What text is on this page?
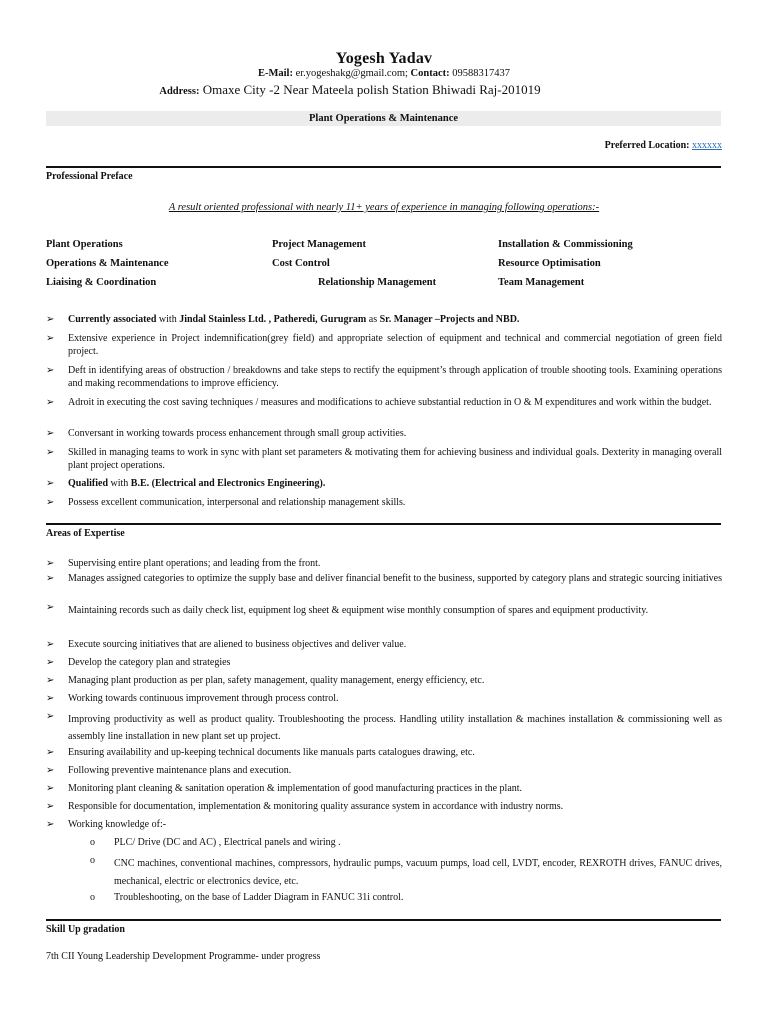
Yogesh Yadav
E-Mail: er.yogeshakg@gmail.com; Contact: 09588317437
Address: Omaxe City -2 Near Mateela polish Station Bhiwadi Raj-201019
Plant Operations & Maintenance
Preferred Location: xxxxxx
Professional Preface
A result oriented professional with nearly 11+ years of experience in managing following operations:-
Plant Operations	Project Management	Installation & Commissioning
Operations & Maintenance	Cost Control	Resource Optimisation
Liaising & Coordination	Relationship Management	Team Management
➢ Currently associated with Jindal Stainless Ltd. , Patheredi, Gurugram as Sr. Manager –Projects and NBD.
➢ Extensive experience in Project indemnification(grey field) and appropriate selection of equipment and technical and commercial negotiation of green field project.
➢ Deft in identifying areas of obstruction / breakdowns and take steps to rectify the equipment’s through application of trouble shooting tools. Examining operations and making recommendations to improve efficiency.
➢ Adroit in executing the cost saving techniques / measures and modifications to achieve substantial reduction in O & M expenditures and work within the budget.
➢ Conversant in working towards process enhancement through small group activities.
➢ Skilled in managing teams to work in sync with plant set parameters & motivating them for achieving business and individual goals. Dexterity in managing overall plant project operations.
➢ Qualified with B.E. (Electrical and Electronics Engineering).
➢ Possess excellent communication, interpersonal and relationship management skills.
Areas of Expertise
➢ Supervising entire plant operations; and leading from the front.
➢ Manages assigned categories to optimize the supply base and deliver financial benefit to the business, supported by category plans and strategic sourcing initiatives
➢ Maintaining records such as daily check list, equipment log sheet & equipment wise monthly consumption of spares and equipment productivity.
➢ Execute sourcing initiatives that are aliened to business objectives and deliver value.
➢ Develop the category plan and strategies
➢ Managing plant production as per plan, safety management, quality management, energy efficiency, etc.
➢ Working towards continuous improvement through process control.
➢ Improving productivity as well as product quality. Troubleshooting the process. Handling utility installation & machines installation & commissioning well as assembly line installation in new plant set up project.
➢ Ensuring availability and up-keeping technical documents like manuals parts catalogues drawing, etc.
➢ Following preventive maintenance plans and execution.
➢ Monitoring plant cleaning & sanitation operation & implementation of good manufacturing practices in the plant.
➢ Responsible for documentation, implementation & monitoring quality assurance system in accordance with industry norms.
➢ Working knowledge of:-
o PLC/ Drive (DC and AC) , Electrical panels and wiring .
o CNC machines, conventional machines, compressors, hydraulic pumps, vacuum pumps, load cell, LVDT, encoder, REXROTH drives, FANUC drives, mechanical, electric or electronics device, etc.
o Troubleshooting, on the base of Ladder Diagram in FANUC 31i control.
Skill Up gradation
7th CII Young Leadership Development Programme- under progress
